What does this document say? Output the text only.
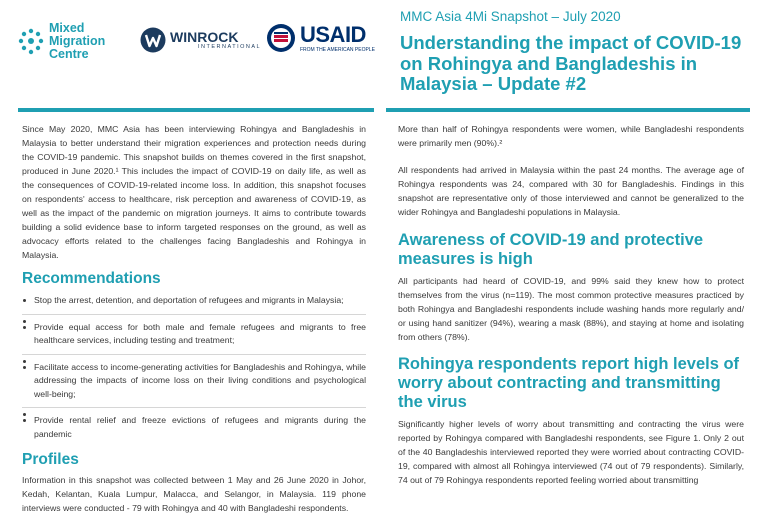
Mixed
Migration
Centre
WINROCK
INTERNATIONAL
USAID
FROM THE AMERICAN PEOPLE
MMC Asia 4Mi Snapshot – July 2020
Understanding the impact of COVID-19 on Rohingya and Bangladeshis in Malaysia – Update #2

Since May 2020, MMC Asia has been interviewing Rohingya and Bangladeshis in Malaysia to better understand their migration experiences and protection needs during the COVID-19 pandemic. This snapshot builds on themes covered in the first snapshot, produced in June 2020.¹ This includes the impact of COVID-19 on daily life, as well as the consequences of COVID-19-related income loss. In addition, this snapshot focuses on respondents' access to healthcare, risk perception and awareness of COVID-19, as well as the impact of the pandemic on migration journeys. It aims to contribute towards building a solid evidence base to inform targeted responses on the ground, as well as advocacy efforts related to the challenges facing Bangladeshis and Rohingya in Malaysia.

Recommendations
Stop the arrest, detention, and deportation of refugees and migrants in Malaysia;
Provide equal access for both male and female refugees and migrants to free healthcare services, including testing and treatment;
Facilitate access to income-generating activities for Bangladeshis and Rohingya, while addressing the impacts of income loss on their living conditions and psychological well-being;
Provide rental relief and freeze evictions of refugees and migrants during the pandemic
Profiles

Information in this snapshot was collected between 1 May and 26 June 2020 in Johor, Kedah, Kelantan, Kuala Lumpur, Malacca, and Selangor, in Malaysia. 119 phone interviews were conducted - 79 with Rohingya and 40 with Bangladeshi respondents.

More than half of Rohingya respondents were women, while Bangladeshi respondents were primarily men (90%).²

All respondents had arrived in Malaysia within the past 24 months. The average age of Rohingya respondents was 24, compared with 30 for Bangladeshis. Findings in this snapshot are representative only of those interviewed and cannot be generalized to the wider Rohingya and Bangladeshi populations in Malaysia.

Awareness of COVID-19 and protective measures is high

All participants had heard of COVID-19, and 99% said they knew how to protect themselves from the virus (n=119). The most common protective measures practiced by both Rohingya and Bangladeshi respondents include washing hands more regularly and/ or using hand sanitizer (94%), wearing a mask (88%), and staying at home and isolating from others (78%).

Rohingya respondents report high levels of worry about contracting and transmitting the virus

Significantly higher levels of worry about transmitting and contracting the virus were reported by Rohingya compared with Bangladeshi respondents, see Figure 1. Only 2 out of the 40 Bangladeshis interviewed reported they were worried about contracting COVID-19, compared with almost all Rohingya interviewed (74 out of 79 respondents). Similarly, 74 out of 79 Rohingya respondents reported feeling worried about transmitting
